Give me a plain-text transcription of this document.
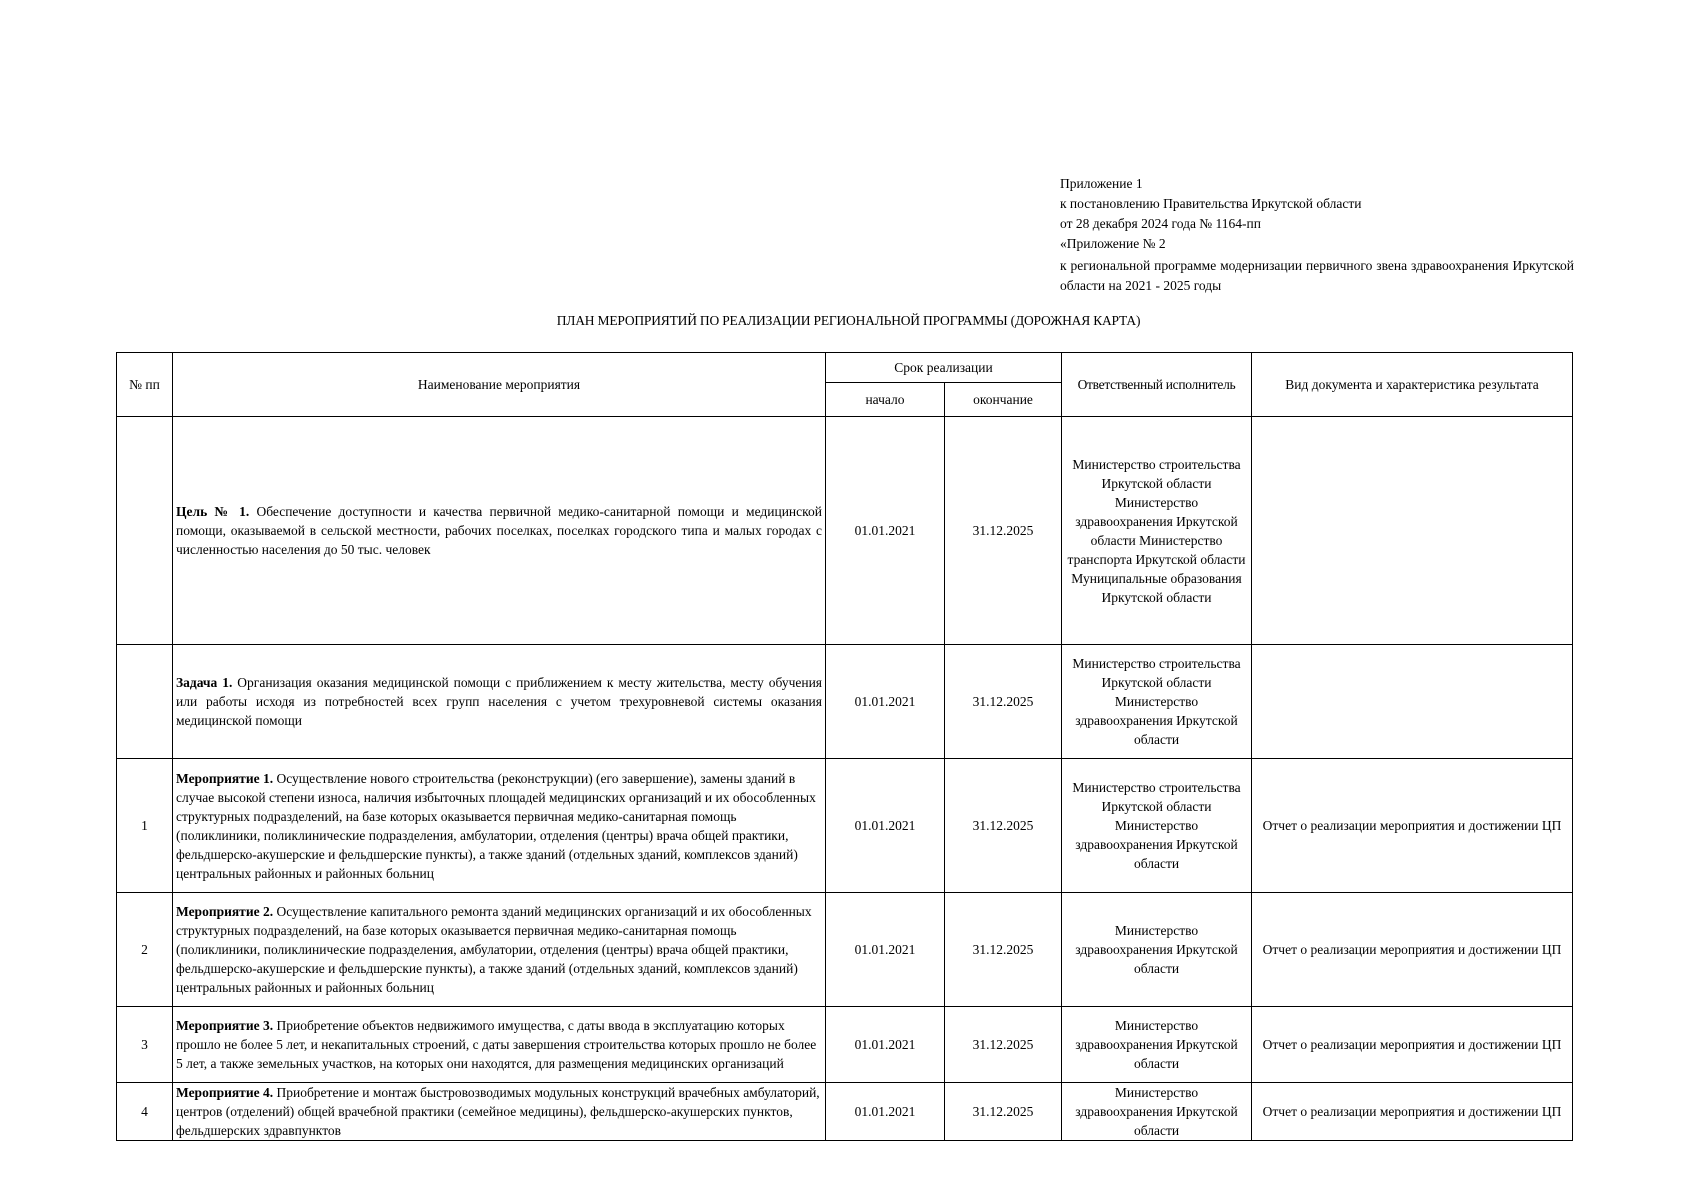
Приложение 1
к постановлению Правительства Иркутской области
от 28 декабря 2024 года № 1164-пп
«Приложение № 2
к региональной программе модернизации первичного звена здравоохранения Иркутской области на 2021 - 2025 годы
ПЛАН МЕРОПРИЯТИЙ ПО РЕАЛИЗАЦИИ РЕГИОНАЛЬНОЙ ПРОГРАММЫ (ДОРОЖНАЯ КАРТА)
№ пп	Наименование мероприятия	Срок реализации		Ответственный исполнитель	Вид документа и характеристика результата
		начало	окончание		
	Цель № 1. Обеспечение доступности и качества первичной медико-санитарной помощи и медицинской помощи, оказываемой в сельской местности, рабочих поселках, поселках городского типа и малых городах с численностью населения до 50 тыс. человек	01.01.2021	31.12.2025	Министерство строительства Иркутской области Министерство здравоохранения Иркутской области Министерство транспорта Иркутской области Муниципальные образования Иркутской области	
	Задача 1. Организация оказания медицинской помощи с приближением к месту жительства, месту обучения или работы исходя из потребностей всех групп населения с учетом трехуровневой системы оказания медицинской помощи	01.01.2021	31.12.2025	Министерство строительства Иркутской области Министерство здравоохранения Иркутской области	
1	Мероприятие 1. Осуществление нового строительства (реконструкции) (его завершение), замены зданий в случае высокой степени износа, наличия избыточных площадей медицинских организаций и их обособленных структурных подразделений, на базе которых оказывается первичная медико-санитарная помощь (поликлиники, поликлинические подразделения, амбулатории, отделения (центры) врача общей практики, фельдшерско-акушерские и фельдшерские пункты), а также зданий (отдельных зданий, комплексов зданий) центральных районных и районных больниц	01.01.2021	31.12.2025	Министерство строительства Иркутской области Министерство здравоохранения Иркутской области	Отчет о реализации мероприятия и достижении ЦП
2	Мероприятие 2. Осуществление капитального ремонта зданий медицинских организаций и их обособленных структурных подразделений, на базе которых оказывается первичная медико-санитарная помощь (поликлиники, поликлинические подразделения, амбулатории, отделения (центры) врача общей практики, фельдшерско-акушерские и фельдшерские пункты), а также зданий (отдельных зданий, комплексов зданий) центральных районных и районных больниц	01.01.2021	31.12.2025	Министерство здравоохранения Иркутской области	Отчет о реализации мероприятия и достижении ЦП
3	Мероприятие 3. Приобретение объектов недвижимого имущества, с даты ввода в эксплуатацию которых прошло не более 5 лет, и некапитальных строений, с даты завершения строительства которых прошло не более 5 лет, а также земельных участков, на которых они находятся, для размещения медицинских организаций	01.01.2021	31.12.2025	Министерство здравоохранения Иркутской области	Отчет о реализации мероприятия и достижении ЦП
4	Мероприятие 4. Приобретение и монтаж быстровозводимых модульных конструкций врачебных амбулаторий, центров (отделений) общей врачебной практики (семейное медицины), фельдшерско-акушерских пунктов, фельдшерских здравпунктов	01.01.2021	31.12.2025	Министерство здравоохранения Иркутской области	Отчет о реализации мероприятия и достижении ЦП
